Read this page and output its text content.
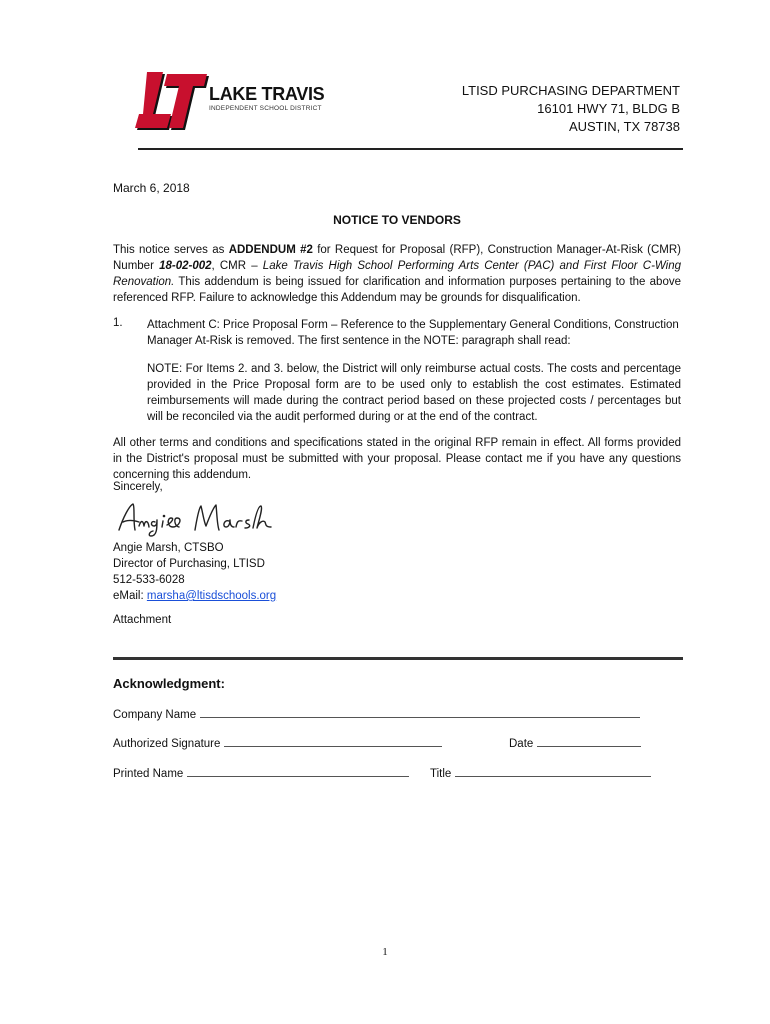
LAKE TRAVIS
INDEPENDENT SCHOOL DISTRICT
LTISD PURCHASING DEPARTMENT
16101 HWY 71, BLDG B
AUSTIN, TX 78738
March 6, 2018
NOTICE TO VENDORS
This notice serves as ADDENDUM #2 for Request for Proposal (RFP), Construction Manager-At-Risk (CMR) Number 18-02-002, CMR – Lake Travis High School Performing Arts Center (PAC) and First Floor C-Wing Renovation. This addendum is being issued for clarification and information purposes pertaining to the above referenced RFP. Failure to acknowledge this Addendum may be grounds for disqualification.
1. Attachment C: Price Proposal Form – Reference to the Supplementary General Conditions, Construction Manager At-Risk is removed. The first sentence in the NOTE: paragraph shall read:
NOTE: For Items 2. and 3. below, the District will only reimburse actual costs. The costs and percentage provided in the Price Proposal form are to be used only to establish the cost estimates. Estimated reimbursements will made during the contract period based on these projected costs / percentages but will be reconciled via the audit performed during or at the end of the contract.
All other terms and conditions and specifications stated in the original RFP remain in effect. All forms provided in the District's proposal must be submitted with your proposal. Please contact me if you have any questions concerning this addendum.
Sincerely,
Angie Marsh, CTSBO
Director of Purchasing, LTISD
512-533-6028
eMail: marsha@ltisdschools.org
Attachment
Acknowledgment:
Company Name
Authorized Signature	Date
Printed Name	Title
1
